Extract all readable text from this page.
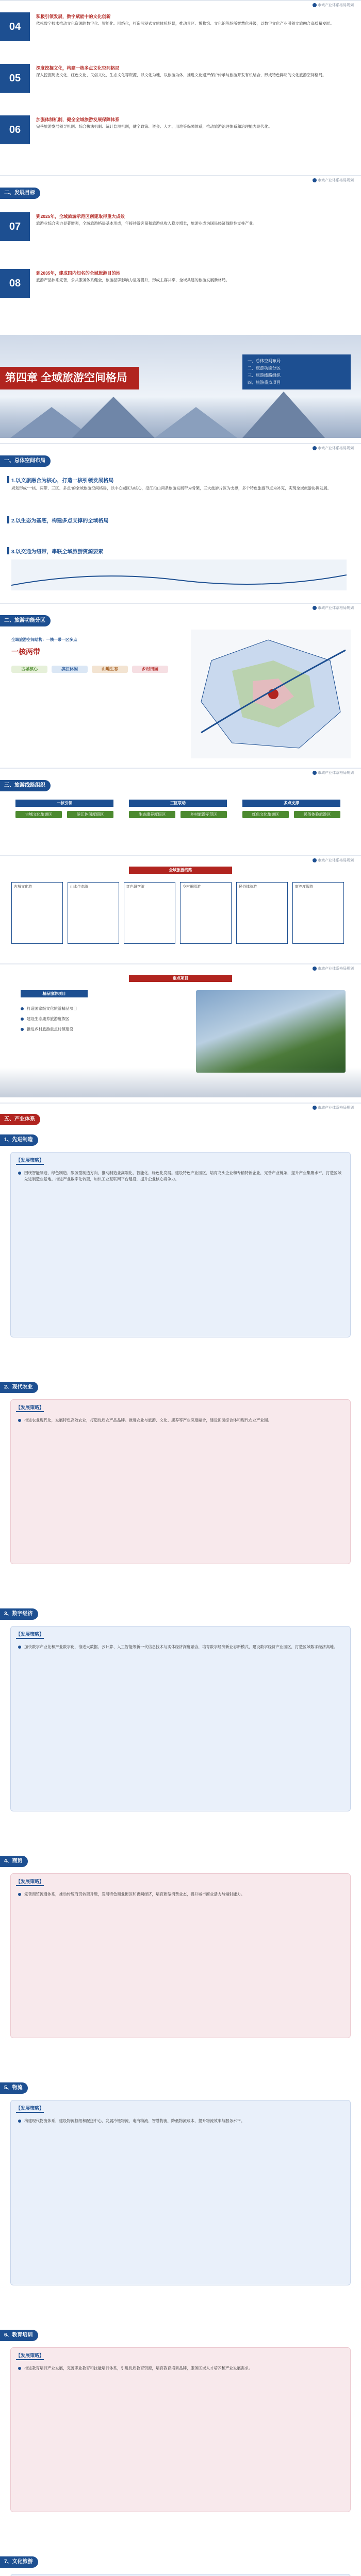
市域产业体系格局规划
04
积极引领发展，数字赋能中的文化创新
依托数字技术推动文化资源的数字化、智能化、网络化，打造沉浸式文旅体验场景，推动景区、博物馆、文化馆等场所智慧化升级，以数字文化产业引领文旅融合高质量发展。
05
深度挖掘文化，构建一核多点文化空间格局
深入挖掘历史文化、红色文化、民俗文化、生态文化等资源，以文化为魂，以旅游为体，推进文化遗产保护传承与旅游开发有机结合，形成特色鲜明的文化旅游空间格局。
06
加强体制机制，健全全域旅游发展保障体系
完善旅游发展领导机制、综合执法机制、统计监测机制，健全政策、资金、人才、用地等保障体系，推动旅游治理体系和治理能力现代化。
市域产业体系格局规划
二、发展目标
07
到2025年，全域旅游示范区创建取得重大成效
旅游业综合实力显著增强，全域旅游格局基本形成，年接待游客量和旅游总收入稳步增长，旅游业成为国民经济战略性支柱产业。
08
到2035年，建成国内知名的全域旅游目的地
旅游产品体系完善，公共服务体系健全，旅游品牌影响力显著提升，形成主客共享、全域共建的旅游发展新格局。
第四章 全域旅游空间格局
一、总体空间布局
二、旅游功能分区
三、旅游线路组织
四、旅游重点项目
市域产业体系格局规划
一、总体空间布局
1.以文旅融合为核心，打造一核引领发展格局
规划形成“一核、两带、三区、多点”的全域旅游空间格局，以中心城区为核心，沿江沿山两条旅游发展带为骨架，三大旅游片区为支撑，多个特色旅游节点为补充，实现全域旅游协调发展。
2.以生态为基底，构建多点支撑的全域格局
3.以交通为纽带，串联全域旅游资源要素
市域产业体系格局规划
二、旅游功能分区
全域旅游空间结构：一核一带一区多点
一核两带
古城核心	滨江休闲	山地生态	乡村田园
市域产业体系格局规划
三、旅游线路组织
一核引领	三区联动	多点支撑
古城文化旅游区	滨江休闲度假区	生态康养度假区	乡村旅游示范区	红色文化旅游区	民俗体验旅游区
市域产业体系格局规划
全域旅游线路
古城文化游	山水生态游	红色研学游	乡村田园游	民俗体验游	康养度假游
市域产业体系格局规划
重点项目
精品旅游项目
打造国家级文化旅游精品项目
建设生态康养旅游度假区
推进乡村旅游重点村镇建设
市域产业体系格局规划
五、产业体系
1、先进制造
【发展策略】
围绕智能制造、绿色制造、服务型制造方向，推动制造业高端化、智能化、绿色化发展。建设特色产业园区，培育龙头企业和专精特新企业，完善产业链条，提升产业集聚水平，打造区域先进制造业基地。推进产业数字化转型，加快工业互联网平台建设，提升企业核心竞争力。
2、现代农业
【发展策略】
推进农业现代化，发展特色高效农业，打造优质农产品品牌。推进农业与旅游、文化、康养等产业深度融合，建设田园综合体和现代农业产业园。
3、数字经济
【发展策略】
加快数字产业化和产业数字化，推进大数据、云计算、人工智能等新一代信息技术与实体经济深度融合，培育数字经济新业态新模式，建设数字经济产业园区，打造区域数字经济高地。
4、商贸
【发展策略】
完善商贸流通体系，推动传统商贸转型升级，发展特色商业街区和夜间经济，培育新型消费业态，提升城市商业活力与辐射能力。
5、物流
【发展策略】
构建现代物流体系，建设物流枢纽和配送中心，发展冷链物流、电商物流、智慧物流，降低物流成本，提升物流效率与服务水平。
6、教育培训
【发展策略】
推进教育培训产业发展，完善职业教育和技能培训体系，引进优质教育资源，培育教育培训品牌，服务区域人才培养和产业发展需求。
7、文化旅游
